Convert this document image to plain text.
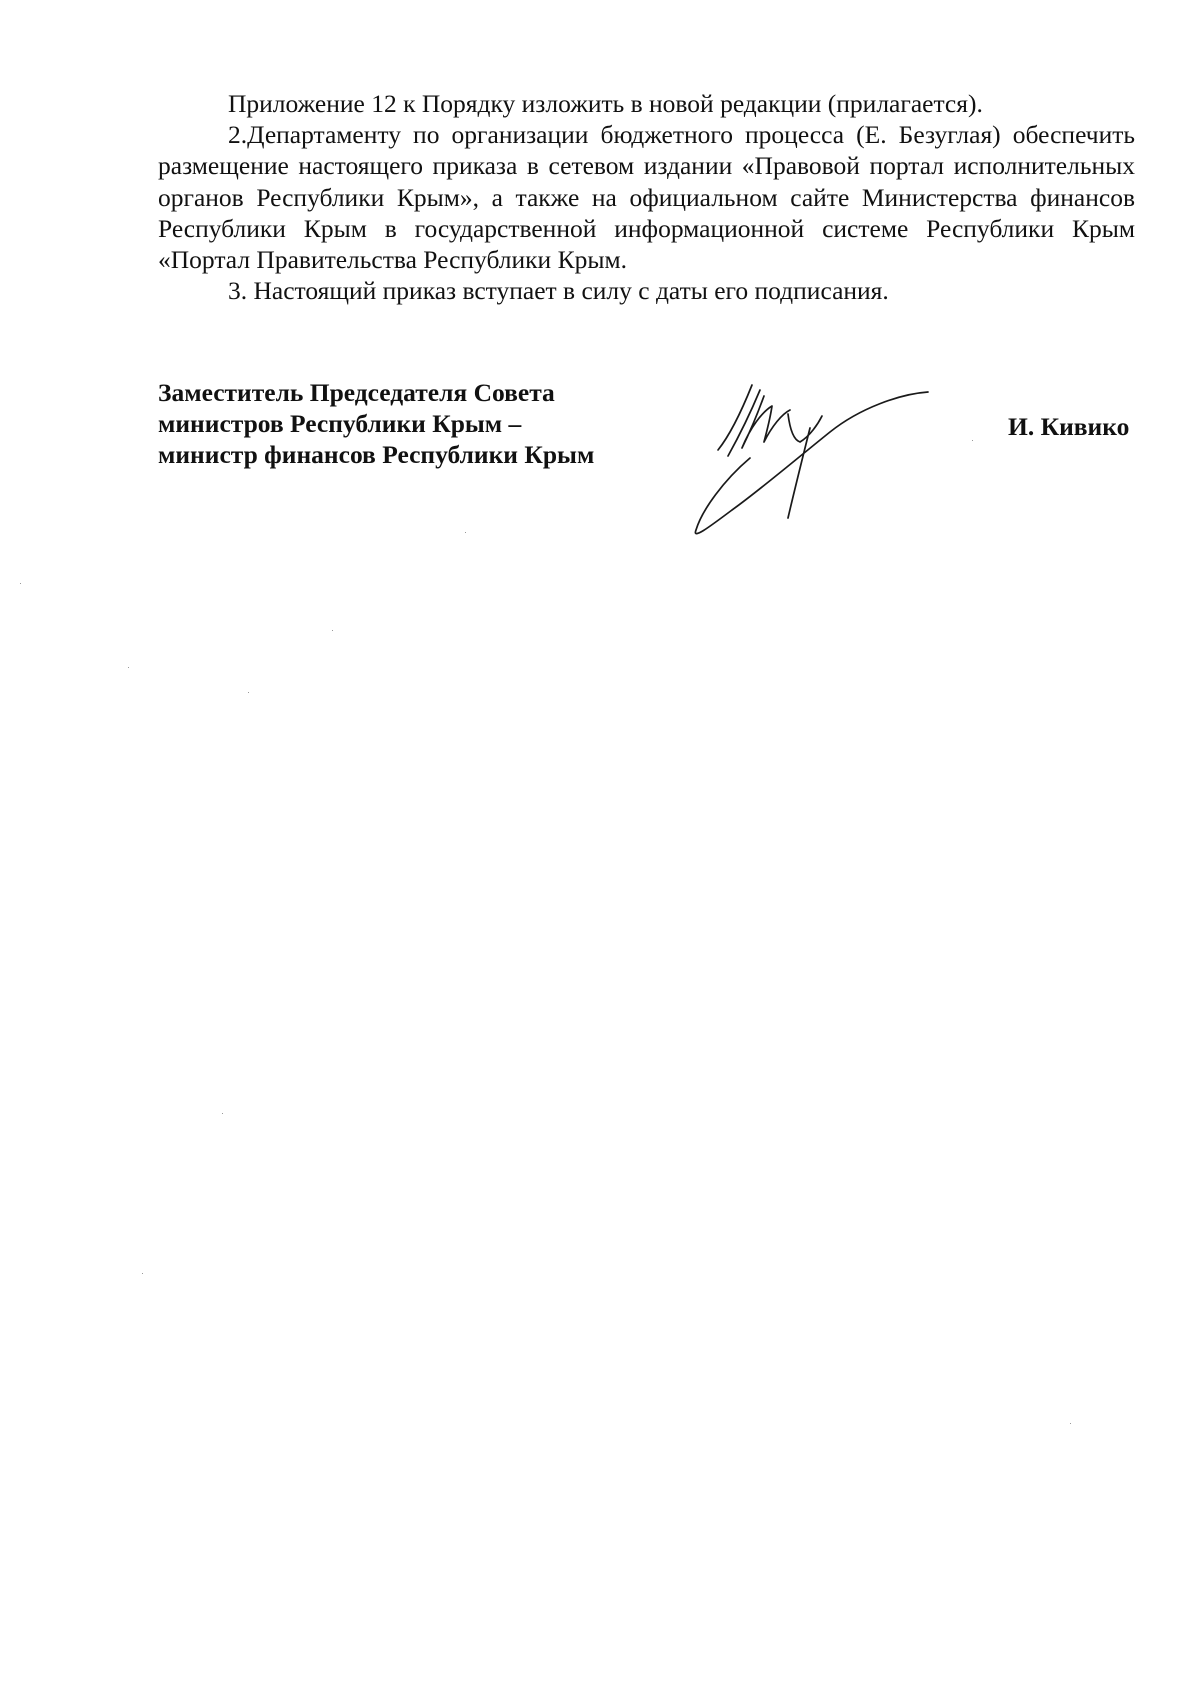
Приложение 12 к Порядку изложить в новой редакции (прилагается).

2.Департаменту по организации бюджетного процесса (Е. Безуглая) обеспечить размещение настоящего приказа в сетевом издании «Правовой портал исполнительных органов Республики Крым», а также на официальном сайте Министерства финансов Республики Крым в государственной информационной системе Республики Крым «Портал Правительства Республики Крым.

3. Настоящий приказ вступает в силу с даты его подписания.

Заместитель Председателя Совета
министров Республики Крым –
министр финансов Республики Крым
И. Кивико
